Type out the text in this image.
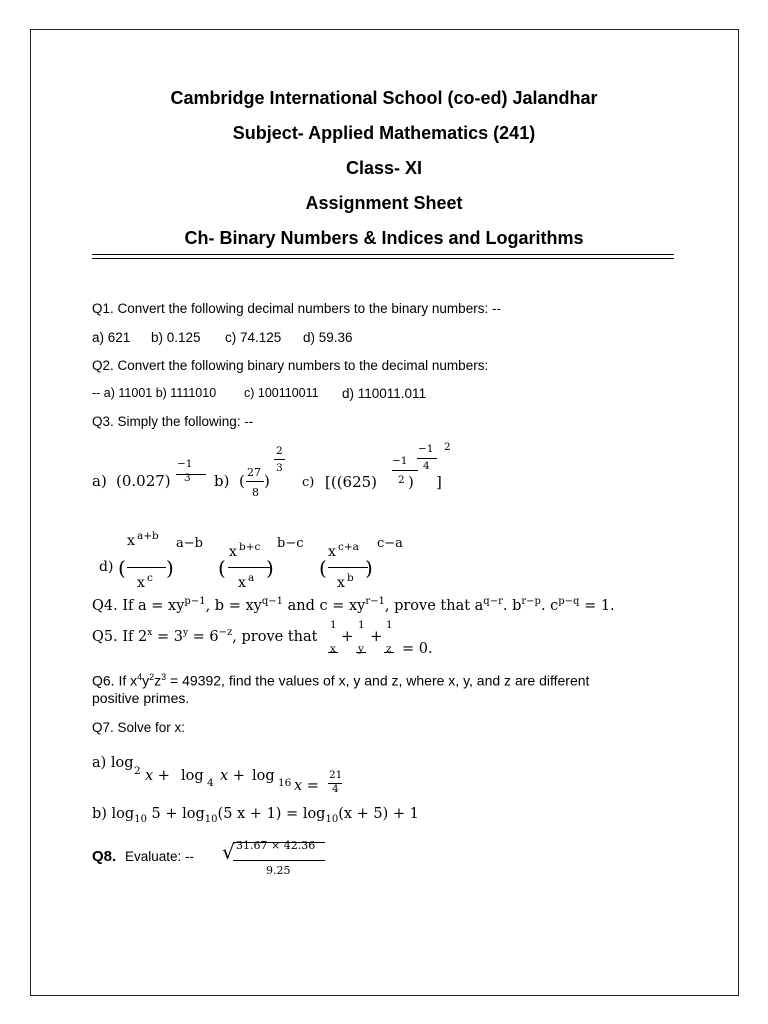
Cambridge International School (co-ed) Jalandhar
Subject- Applied Mathematics (241)
Class- XI
Assignment Sheet
Ch- Binary Numbers & Indices and Logarithms
Q1. Convert the following decimal numbers to the binary numbers: --
a) 621 b) 0.125 c) 74.125 d) 59.36
Q2. Convert the following binary numbers to the decimal numbers:
-- a) 11001 b) 1111010 c) 100110011 d) 110011.011
Q3. Simply the following: --
a) (0.027)
−1
3 b) ( 27
8
)
2
3
c) [((625)
−1
2 )
−1
4
]
2
d)
x a+b a−b
( )
x c
x b+c b−c
( )
x a
x c+a c−a
( )
x b
Q4. If $a = xy^{p-1}$, $b = xy^{q-1}$ and $c = xy^{r-1}$, prove that $a^{q-r}$. $b^{r-p}$. $c^{p-q} = 1$.
Q5. If $2^x = 3^y = 6^{-z}$, prove that
1
x
+
1
y
+
1
z = 0.
Q6. If $x^4y^2z^3 = 49392$, find the values of x, y and z, where x, y, and z are different
positive primes.
Q7. Solve for x:
a) log 2 x + log 4 x + log 16 x =
21
4
b) $\log_{10} 5 + \log_{10}(5$ $x + 1) = \log_{10}(x + 5) + 1$
Q8. Evaluate: -- √ 31.67 × 42.36
9.25
